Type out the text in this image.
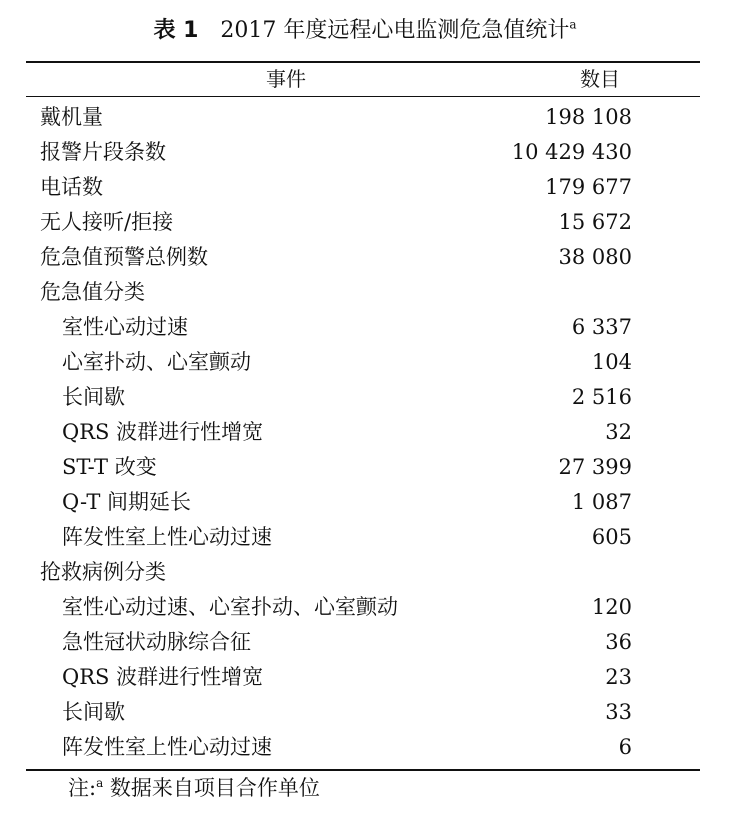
表 1 2017 年度远程心电监测危急值统计$^a$
事件	数目
戴机量	198 108
报警片段条数	10 429 430
电话数	179 677
无人接听/拒接	15 672
危急值预警总例数	38 080
危急值分类
室性心动过速	6 337
心室扑动、心室颤动	104
长间歇	2 516
QRS 波群进行性增宽	32
ST-T 改变	27 399
Q-T 间期延长	1 087
阵发性室上性心动过速	605
抢救病例分类
室性心动过速、心室扑动、心室颤动	120
急性冠状动脉综合征	36
QRS 波群进行性增宽	23
长间歇	33
阵发性室上性心动过速	6
注:$^a$ 数据来自项目合作单位
